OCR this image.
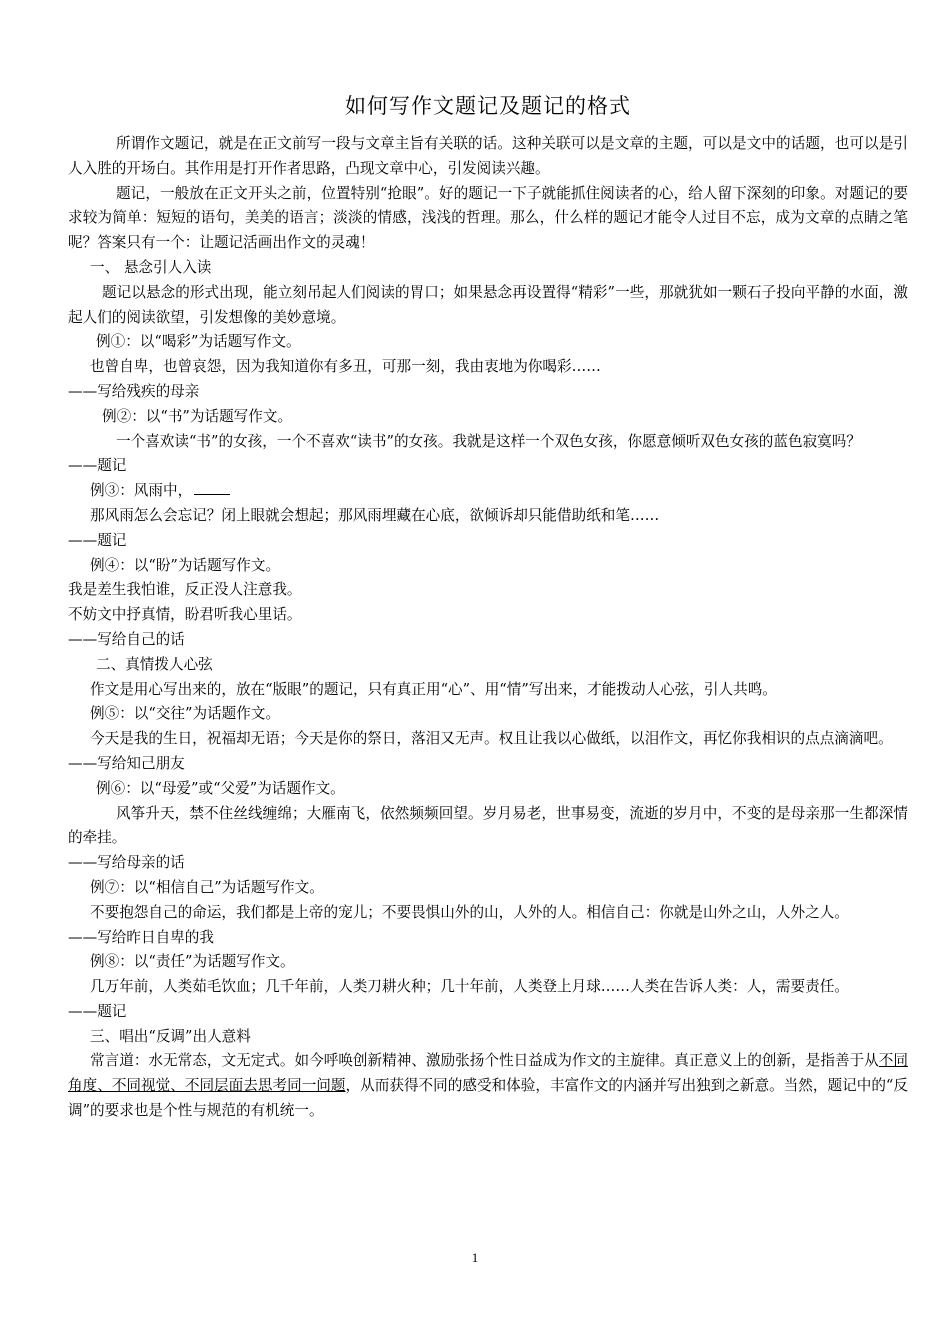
如何写作文题记及题记的格式

所谓作文题记，就是在正文前写一段与文章主旨有关联的话。这种关联可以是文章的主题，可以是文中的话题，也可以是引人入胜的开场白。其作用是打开作者思路，凸现文章中心，引发阅读兴趣。

题记，一般放在正文开头之前，位置特别“抢眼”。好的题记一下子就能抓住阅读者的心，给人留下深刻的印象。对题记的要求较为简单：短短的语句，美美的语言；淡淡的情感，浅浅的哲理。那么，什么样的题记才能令人过目不忘，成为文章的点睛之笔呢？答案只有一个：让题记活画出作文的灵魂！

一、 悬念引人入读

题记以悬念的形式出现，能立刻吊起人们阅读的胃口；如果悬念再设置得“精彩”一些，那就犹如一颗石子投向平静的水面，激起人们的阅读欲望，引发想像的美妙意境。

例①：以“喝彩”为话题写作文。

也曾自卑，也曾哀怨，因为我知道你有多丑，可那一刻，我由衷地为你喝彩……

——写给残疾的母亲

例②：以“书”为话题写作文。

一个喜欢读“书”的女孩，一个不喜欢“读书”的女孩。我就是这样一个双色女孩，你愿意倾听双色女孩的蓝色寂寞吗？

——题记

例③：风雨中，

那风雨怎么会忘记？闭上眼就会想起；那风雨埋藏在心底，欲倾诉却只能借助纸和笔……

——题记

例④：以“盼”为话题写作文。

我是差生我怕谁，反正没人注意我。

不妨文中抒真情，盼君听我心里话。

——写给自己的话

二、真情拨人心弦

作文是用心写出来的，放在“版眼”的题记，只有真正用“心”、用“情”写出来，才能拨动人心弦，引人共鸣。

例⑤：以“交往”为话题作文。

今天是我的生日，祝福却无语；今天是你的祭日，落泪又无声。权且让我以心做纸，以泪作文，再忆你我相识的点点滴滴吧。

——写给知己朋友

例⑥：以“母爱”或“父爱”为话题作文。

风筝升天，禁不住丝线缠绵；大雁南飞，依然频频回望。岁月易老，世事易变，流逝的岁月中，不变的是母亲那一生都深情的牵挂。

——写给母亲的话

例⑦：以“相信自己”为话题写作文。

不要抱怨自己的命运，我们都是上帝的宠儿；不要畏惧山外的山，人外的人。相信自己：你就是山外之山，人外之人。

——写给昨日自卑的我

例⑧：以“责任”为话题写作文。

几万年前，人类茹毛饮血；几千年前，人类刀耕火种；几十年前，人类登上月球……人类在告诉人类：人，需要责任。

——题记

三、唱出“反调”出人意料

常言道：水无常态，文无定式。如今呼唤创新精神、激励张扬个性日益成为作文的主旋律。真正意义上的创新，是指善于从不同角度、不同视觉、不同层面去思考同一问题，从而获得不同的感受和体验，丰富作文的内涵并写出独到之新意。当然，题记中的“反调”的要求也是个性与规范的有机统一。

1
